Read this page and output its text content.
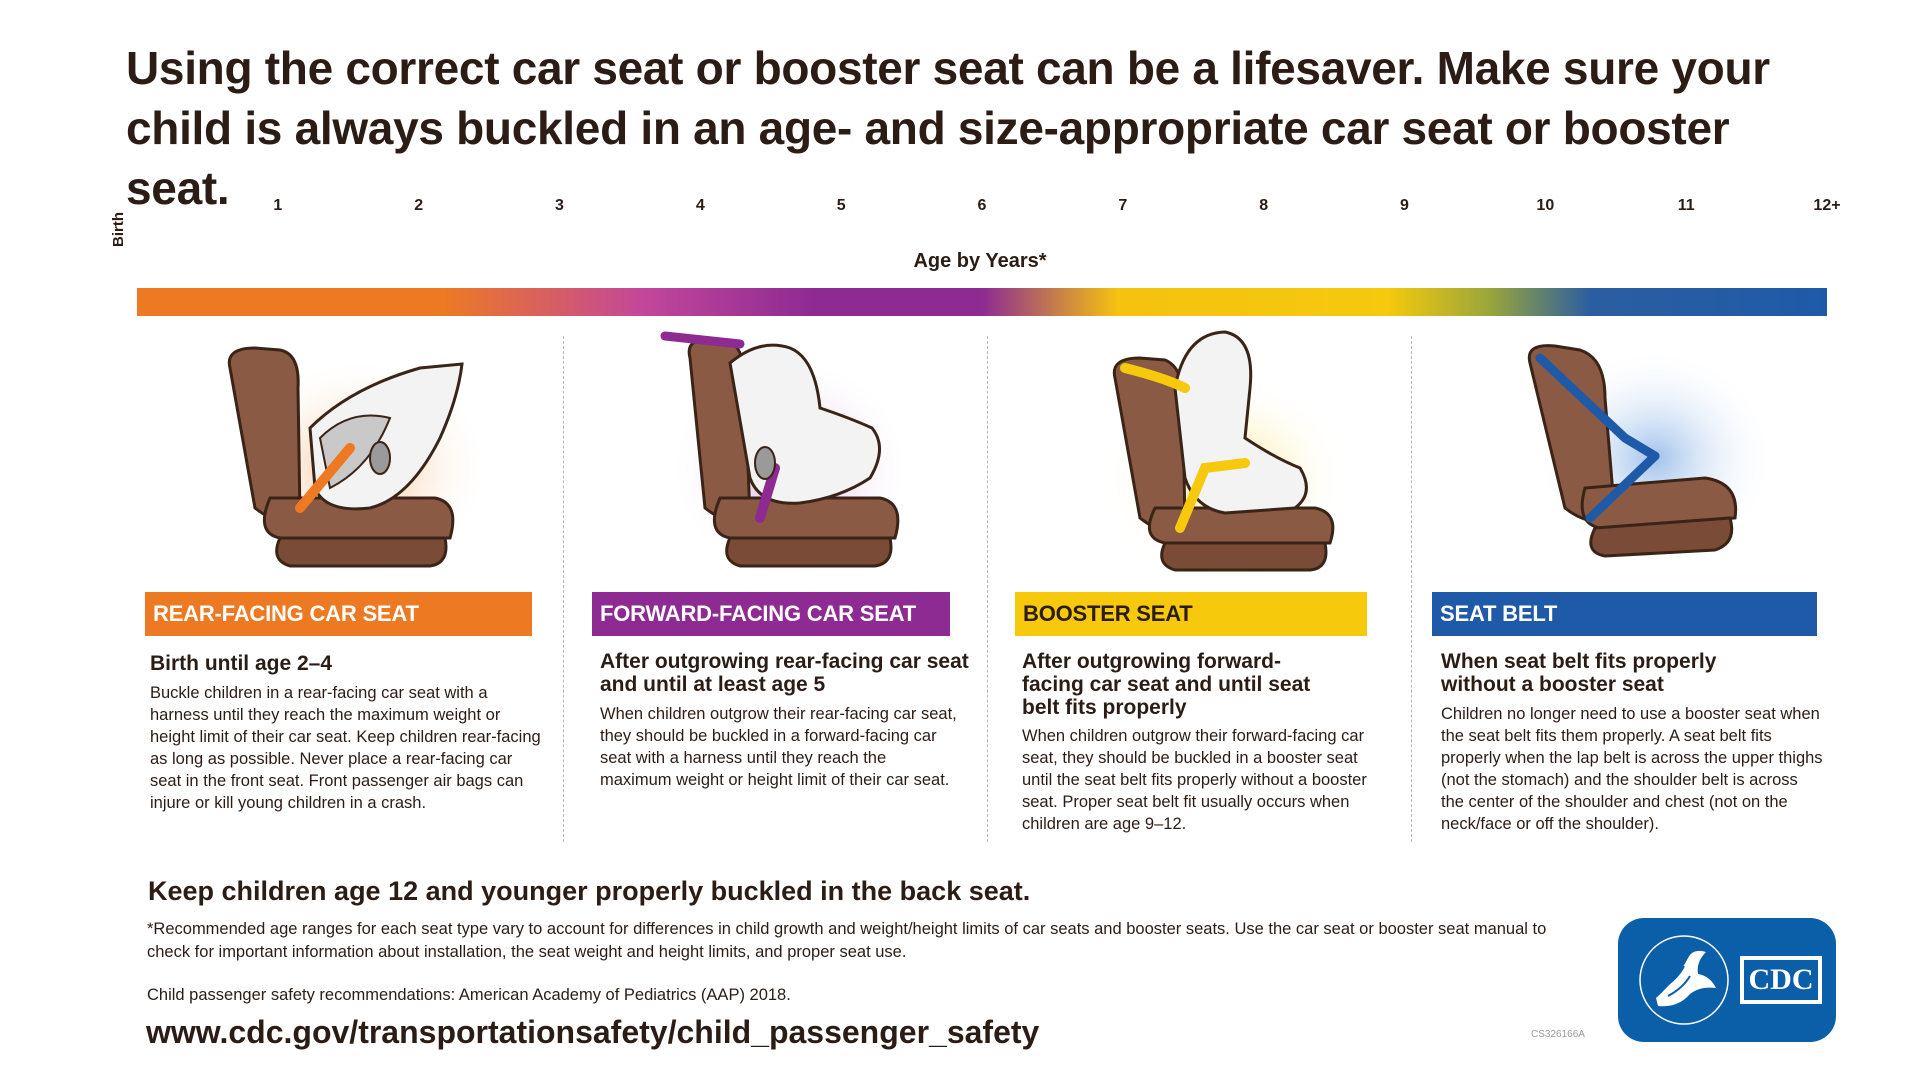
Using the correct car seat or booster seat can be a lifesaver. Make sure your child is always buckled in an age- and size-appropriate car seat or booster seat.
Birth
1	2	3	4	5	6	7	8	9	10	11	12+
Age by Years*
REAR-FACING CAR SEAT	FORWARD-FACING CAR SEAT	BOOSTER SEAT	SEAT BELT
Birth until age 2–4	After outgrowing rear-facing car seat and until at least age 5
After outgrowing forward-facing car seat and until seat belt fits properly
When seat belt fits properly without a booster seat

Buckle children in a rear-facing car seat with a harness until they reach the maximum weight or height limit of their car seat. Keep children rear-facing as long as possible. Never place a rear-facing car seat in the front seat. Front passenger air bags can injure or kill young children in a crash.

When children outgrow their rear-facing car seat, they should be buckled in a forward-facing car seat with a harness until they reach the maximum weight or height limit of their car seat.

When children outgrow their forward-facing car seat, they should be buckled in a booster seat until the seat belt fits properly without a booster seat. Proper seat belt fit usually occurs when children are age 9–12.

Children no longer need to use a booster seat when the seat belt fits them properly. A seat belt fits properly when the lap belt is across the upper thighs (not the stomach) and the shoulder belt is across the center of the shoulder and chest (not on the neck/face or off the shoulder).

Keep children age 12 and younger properly buckled in the back seat.
*Recommended age ranges for each seat type vary to account for differences in child growth and weight/height limits of car seats and booster seats. Use the car seat or booster seat manual to check for important information about installation, the seat weight and height limits, and proper seat use.
Child passenger safety recommendations: American Academy of Pediatrics (AAP) 2018.
www.cdc.gov/transportationsafety/child_passenger_safety	CS326166A
CDC
